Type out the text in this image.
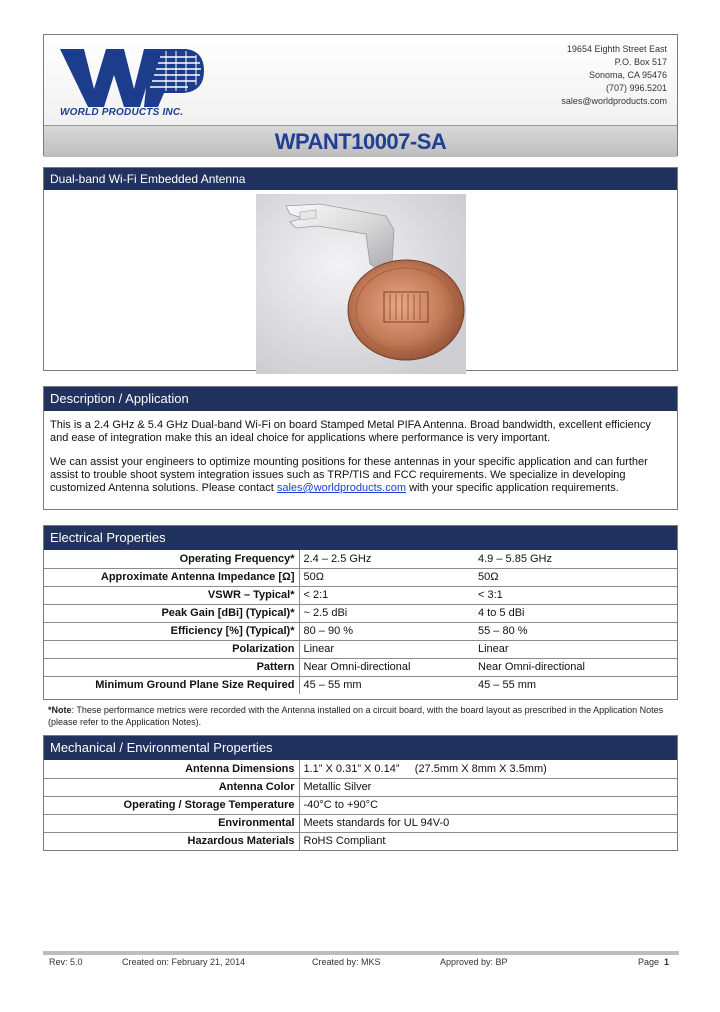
WORLD PRODUCTS INC.
19654 Eighth Street East
P.O. Box 517
Sonoma, CA 95476
(707) 996.5201
sales@worldproducts.com
WPANT10007-SA
Dual-band Wi-Fi Embedded Antenna
Description / Application

This is a 2.4 GHz & 5.4 GHz Dual-band Wi-Fi on board Stamped Metal PIFA Antenna. Broad bandwidth, excellent efficiency and ease of integration make this an ideal choice for applications where performance is very important.

We can assist your engineers to optimize mounting positions for these antennas in your specific application and can further assist to trouble shoot system integration issues such as TRP/TIS and FCC requirements. We specialize in developing customized Antenna solutions. Please contact sales@worldproducts.com with your specific application requirements.

Electrical Properties
Operating Frequency*	2.4 – 2.5 GHz	4.9 – 5.85 GHz
Approximate Antenna Impedance [Ω]	50Ω	50Ω
VSWR – Typical*	< 2:1	< 3:1
Peak Gain [dBi] (Typical)*	~ 2.5 dBi	4 to 5 dBi
Efficiency [%] (Typical)*	80 – 90 %	55 – 80 %
Polarization	Linear	Linear
Pattern	Near Omni-directional	Near Omni-directional
Minimum Ground Plane Size Required	45 – 55 mm	45 – 55 mm
*Note: These performance metrics were recorded with the Antenna installed on a circuit board, with the board layout as prescribed in the Application Notes (please refer to the Application Notes).
Mechanical / Environmental Properties
Antenna Dimensions	1.1” X 0.31” X 0.14”     (27.5mm X 8mm X 3.5mm)
Antenna Color	Metallic Silver
Operating / Storage Temperature	-40°C to +90°C
Environmental	Meets standards for UL 94V-0
Hazardous Materials	RoHS Compliant
Rev: 5.0	Created on: February 21, 2014	Created by: MKS	Approved by: BP	Page 1
